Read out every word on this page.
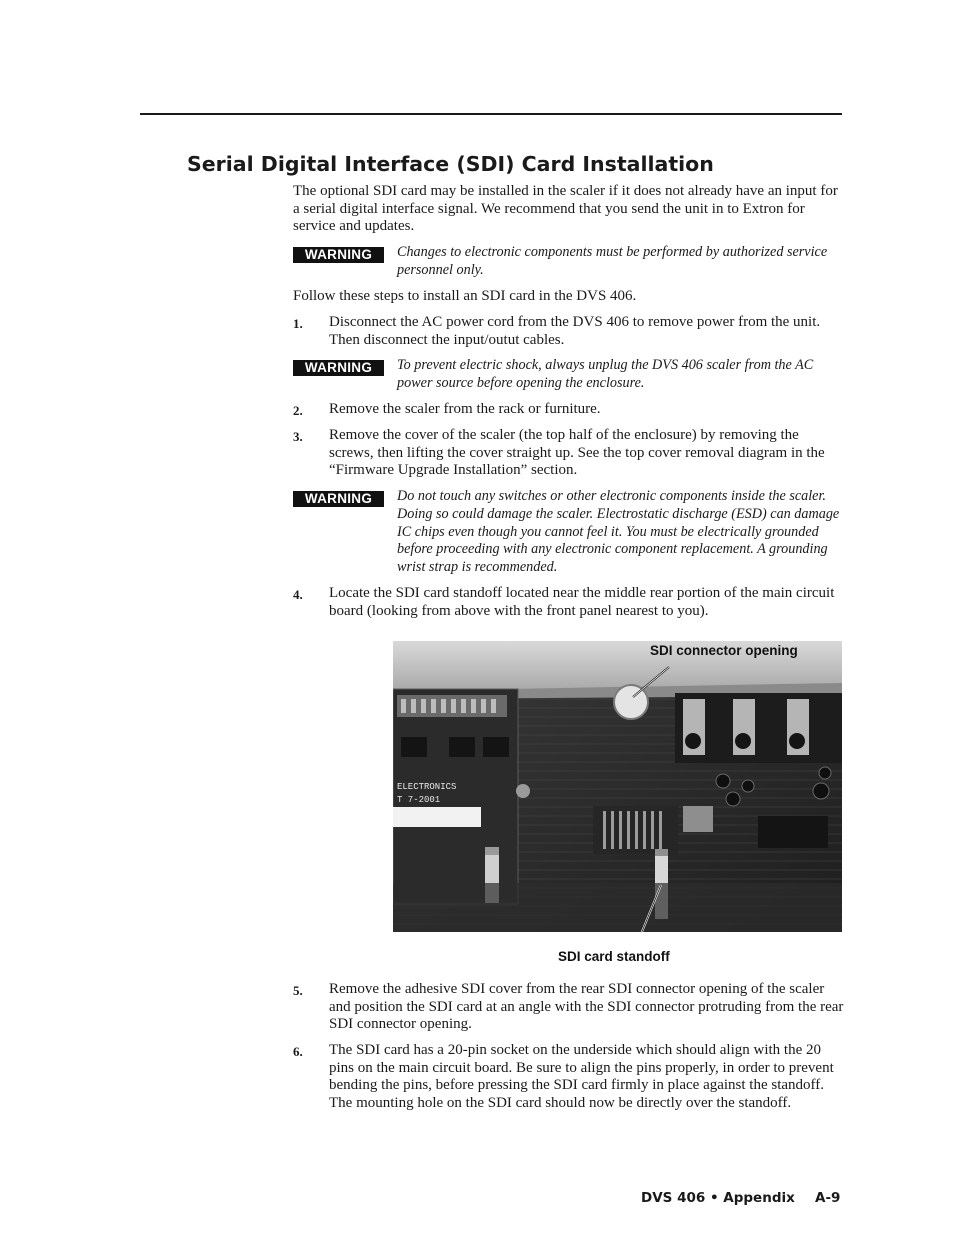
Serial Digital Interface (SDI) Card Installation

The optional SDI card may be installed in the scaler if it does not already have an input for a serial digital interface signal. We recommend that you send the unit in to Extron for service and updates.

WARNING	Changes to electronic components must be performed by authorized service personnel only.

Follow these steps to install an SDI card in the DVS 406.

1. Disconnect the AC power cord from the DVS 406 to remove power from the unit. Then disconnect the input/outut cables.

WARNING	To prevent electric shock, always unplug the DVS 406 scaler from the AC power source before opening the enclosure.

2. Remove the scaler from the rack or furniture.

3. Remove the cover of the scaler (the top half of the enclosure) by removing the screws, then lifting the cover straight up. See the top cover removal diagram in the “Firmware Upgrade Installation” section.

WARNING	Do not touch any switches or other electronic components inside the scaler. Doing so could damage the scaler. Electrostatic discharge (ESD) can damage IC chips even though you cannot feel it. You must be electrically grounded before proceeding with any electronic component replacement. A grounding wrist strap is recommended.

4. Locate the SDI card standoff located near the middle rear portion of the main circuit board (looking from above with the front panel nearest to you).

ELECTRONICS
T 7-2001
SDI connector opening
SDI card standoff
5. Remove the adhesive SDI cover from the rear SDI connector opening of the scaler and position the SDI card at an angle with the SDI connector protruding from the rear SDI connector opening.

6. The SDI card has a 20-pin socket on the underside which should align with the 20 pins on the main circuit board. Be sure to align the pins properly, in order to prevent bending the pins, before pressing the SDI card firmly in place against the standoff. The mounting hole on the SDI card should now be directly over the standoff.

DVS 406 • Appendix A-9
